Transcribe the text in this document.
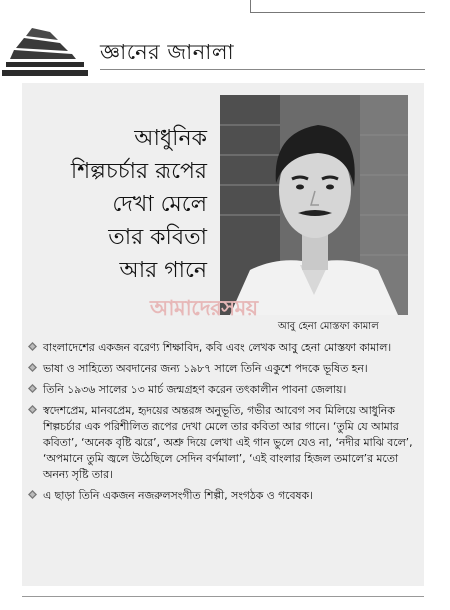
জ্ঞানের জানালা
আমাদেরসময়
আবু হেনা মোস্তফা কামাল
আধুনিক
শিল্পচর্চার রূপের
দেখা মেলে
তার কবিতা
আর গানে
বাংলাদেশের একজন বরেণ্য শিক্ষাবিদ, কবি এবং লেখক আবু হেনা মোস্তফা কামাল।
ভাষা ও সাহিত্যে অবদানের জন্য ১৯৮৭ সালে তিনি একুশে পদকে ভূষিত হন।
তিনি ১৯৩৬ সালের ১৩ মার্চ জন্মগ্রহণ করেন তৎকালীন পাবনা জেলায়।
স্বদেশপ্রেম, মানবপ্রেম, হৃদয়ের অন্তরঙ্গ অনুভূতি, গভীর আবেগ সব মিলিয়ে আধুনিক শিল্পচর্চার এক পরিশীলিত রূপের দেখা মেলে তার কবিতা আর গানে। ‘তুমি যে আমার কবিতা’, ‘অনেক বৃষ্টি ঝরে’, অশ্রু দিয়ে লেখা এই গান ভুলে যেও না, ‘নদীর মাঝি বলে’, ‘অপমানে তুমি জ্বলে উঠেছিলে সেদিন বর্ণমালা’, ‘এই বাংলার হিজল তমালে’র মতো অনন্য সৃষ্টি তার।
এ ছাড়া তিনি একজন নজরুলসংগীত শিল্পী, সংগঠক ও গবেষক।
